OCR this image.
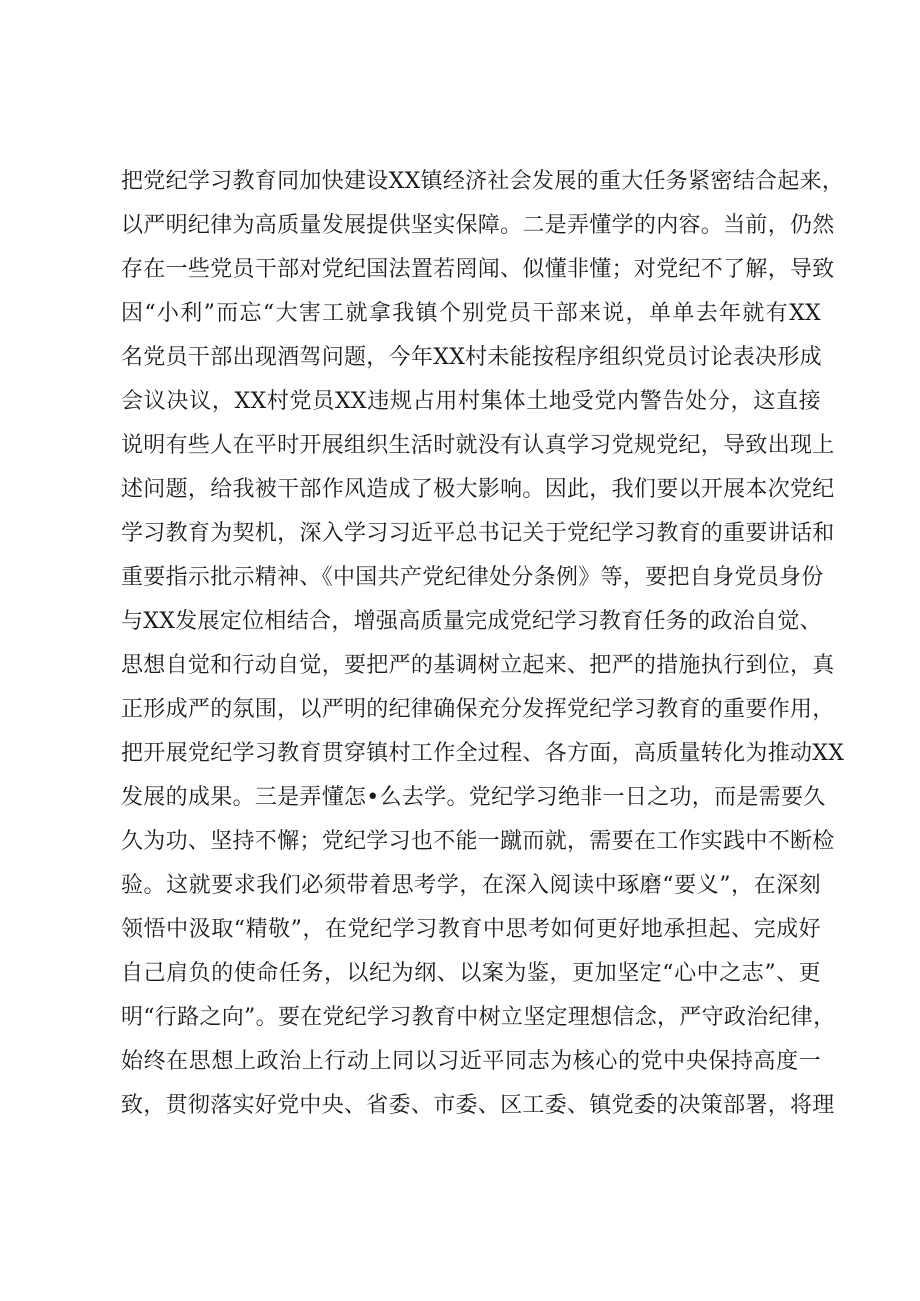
把党纪学习教育同加快建设XX镇经济社会发展的重大任务紧密结合起来，
以严明纪律为高质量发展提供坚实保障。二是弄懂学的内容。当前，仍然
存在一些党员干部对党纪国法置若罔闻、似懂非懂；对党纪不了解，导致
因“小利”而忘“大害工就拿我镇个别党员干部来说，单单去年就有XX
名党员干部出现酒驾问题，今年XX村未能按程序组织党员讨论表决形成
会议决议，XX村党员XX违规占用村集体土地受党内警告处分，这直接
说明有些人在平时开展组织生活时就没有认真学习党规党纪，导致出现上
述问题，给我被干部作风造成了极大影响。因此，我们要以开展本次党纪
学习教育为契机，深入学习习近平总书记关于党纪学习教育的重要讲话和
重要指示批示精神、《中国共产党纪律处分条例》等，要把自身党员身份
与XX发展定位相结合，增强高质量完成党纪学习教育任务的政治自觉、
思想自觉和行动自觉，要把严的基调树立起来、把严的措施执行到位，真
正形成严的氛围，以严明的纪律确保充分发挥党纪学习教育的重要作用，
把开展党纪学习教育贯穿镇村工作全过程、各方面，高质量转化为推动XX
发展的成果。三是弄懂怎•么去学。党纪学习绝非一日之功，而是需要久
久为功、坚持不懈；党纪学习也不能一蹴而就，需要在工作实践中不断检
验。这就要求我们必须带着思考学，在深入阅读中琢磨“要义”，在深刻
领悟中汲取“精敬”，在党纪学习教育中思考如何更好地承担起、完成好
自己肩负的使命任务，以纪为纲、以案为鉴，更加坚定“心中之志”、更
明“行路之向”。要在党纪学习教育中树立坚定理想信念，严守政治纪律，
始终在思想上政治上行动上同以习近平同志为核心的党中央保持高度一
致，贯彻落实好党中央、省委、市委、区工委、镇党委的决策部署，将理
